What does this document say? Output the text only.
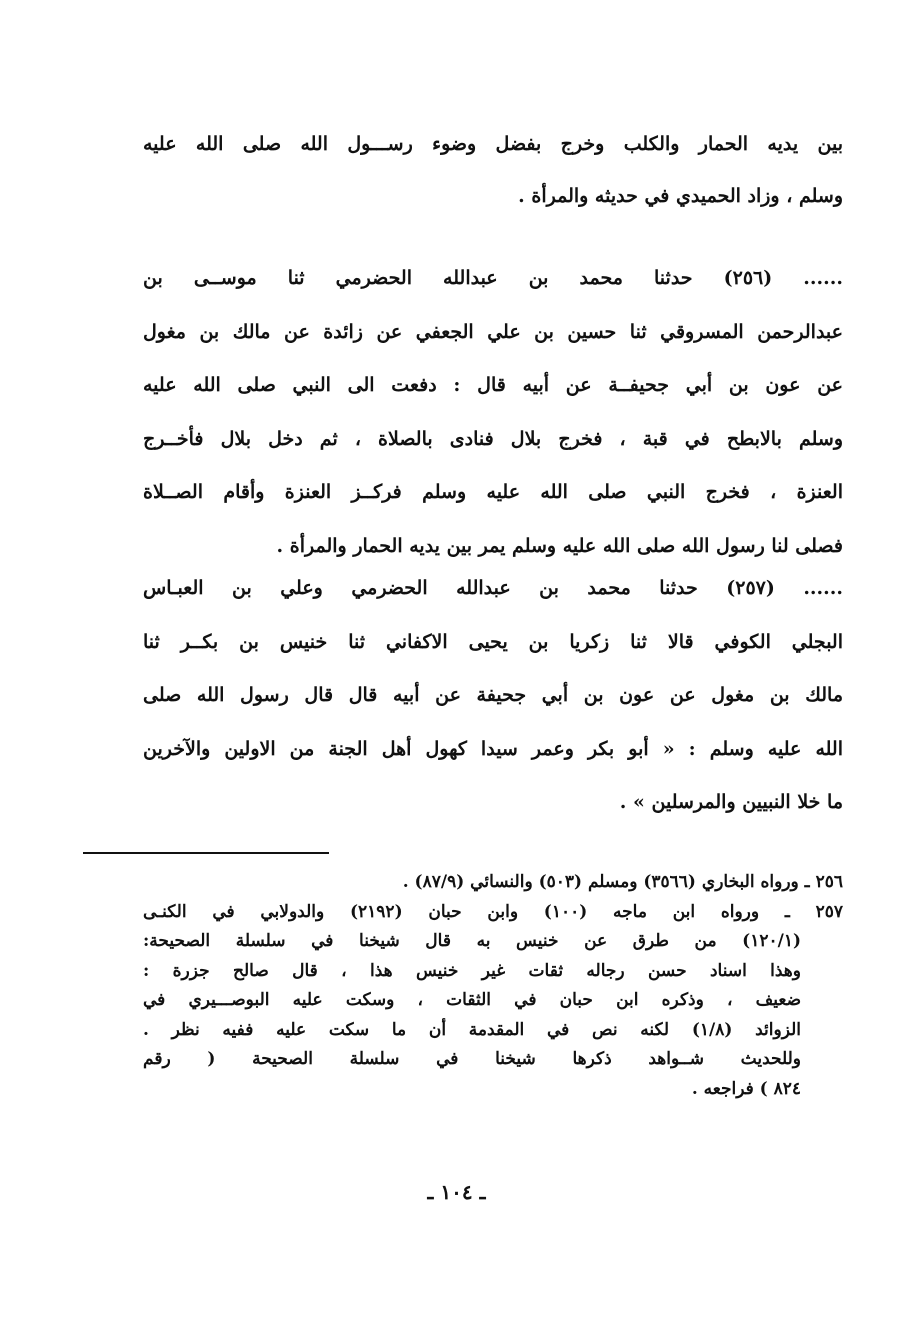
بين يديه الحمار والكلب وخرج بفضل وضوء رســـول الله صلى الله عليه
وسلم ، وزاد الحميدي في حديثه والمرأة .
...... (٢٥٦) حدثنا محمد بن عبدالله الحضرمي ثنا موســى بن
عبدالرحمن المسروقي ثنا حسين بن علي الجعفي عن زائدة عن مالك بن مغول
عن عون بن أبي جحيفــة عن أبيه قال : دفعت الى النبي صلى الله عليه
وسلم بالابطح في قبة ، فخرج بلال فنادى بالصلاة ، ثم دخل بلال فأخــرج
العنزة ، فخرج النبي صلى الله عليه وسلم فركــز العنزة وأقام الصــلاة
فصلى لنا رسول الله صلى الله عليه وسلم يمر بين يديه الحمار والمرأة .
...... (٢٥٧) حدثنا محمد بن عبدالله الحضرمي وعلي بن العبـاس
البجلي الكوفي قالا ثنا زكريا بن يحيى الاكفاني ثنا خنيس بن بكــر ثنا
مالك بن مغول عن عون بن أبي جحيفة عن أبيه قال قال رسول الله صلى
الله عليه وسلم : « أبو بكر وعمر سيدا كهول أهل الجنة من الاولين والآخرين
ما خلا النبيين والمرسلين » .
٢٥٦ ـ ورواه البخاري (٣٥٦٦) ومسلم (٥٠٣) والنسائي (٨٧/٩) .
٢٥٧ ـ ورواه ابن ماجه (١٠٠) وابن حبان (٢١٩٢) والدولابي في الكنـى
(١٢٠/١) من طرق عن خنيس به قال شيخنا في سلسلة الصحيحة:
وهذا اسناد حسن رجاله ثقات غير خنيس هذا ، قال صالح جزرة :
ضعيف ، وذكره ابن حبان في الثقات ، وسكت عليه البوصـــيري في
الزوائد (١/٨) لكنه نص في المقدمة أن ما سكت عليه ففيه نظر .
وللحديث شــواهد ذكرها شيخنا في سلسلة الصحيحة ( رقم
٨٢٤ ) فراجعه .
ـ ١٠٤ ـ
